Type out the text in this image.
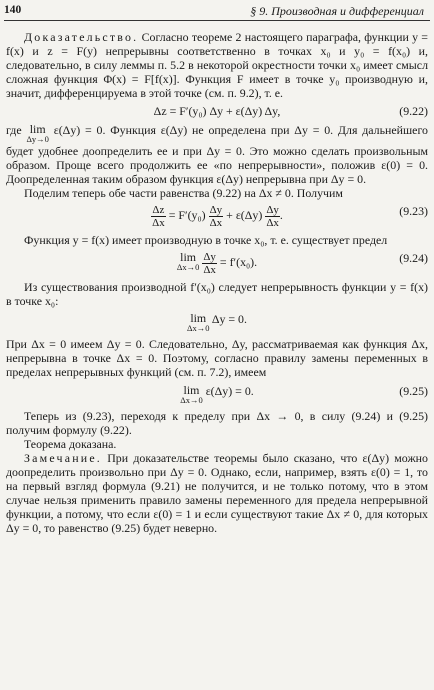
140	§ 9. Производная и дифференциал

Доказательство. Согласно теореме 2 настоящего параграфа, функции y = f(x) и z = F(y) непрерывны соответственно в точках x₀ и y₀ = f(x₀) и, следовательно, в силу леммы п. 5.2 в некоторой окрестности точки x₀ имеет смысл сложная функция Φ(x) = F[f(x)]. Функция F имеет в точке y₀ производную и, значит, дифференцируема в этой точке (см. п. 9.2), т. е.

Δz = F′(y₀) Δy + ε(Δy) Δy,	(9.22)

где lim
Δy→0
ε(Δy) = 0. Функция ε(Δy) не определена при Δy = 0. Для дальнейшего будет удобнее доопределить ее и при Δy = 0. Это можно сделать произвольным образом. Проще всего продолжить ее «по непрерывности», положив ε(0) = 0. Доопределенная таким образом функция ε(Δy) непрерывна при Δy = 0.

Поделим теперь обе части равенства (9.22) на Δx ≠ 0. Получим

$\frac{\Delta z}{\Delta x} = F'(y_0) \frac{\Delta y}{\Delta x} + \varepsilon(\Delta y) \frac{\Delta y}{\Delta x}$ .	(9.23)

Функция y = f(x) имеет производную в точке x₀, т. е. существует предел

lim
Δx→0
$\frac{\Delta y}{\Delta x} = f'(x_0)$.	(9.24)

Из существования производной f′(x₀) следует непрерывность функции y = f(x) в точке x₀:

lim
Δx→0
Δy = 0.

При Δx = 0 имеем Δy = 0. Следовательно, Δy, рассматриваемая как функция Δx, непрерывна в точке Δx = 0. Поэтому, согласно правилу замены переменных в пределах непрерывных функций (см. п. 7.2), имеем

lim
Δx→0
ε(Δy) = 0.	(9.25)

Теперь из (9.23), переходя к пределу при Δx → 0, в силу (9.24) и (9.25) получим формулу (9.22).

Теорема доказана.

Замечание. При доказательстве теоремы было сказано, что ε(Δy) можно доопределить произвольно при Δy = 0. Однако, если, например, взять ε(0) = 1, то на первый взгляд формула (9.21) не получится, и не только потому, что в этом случае нельзя применить правило замены переменного для предела непрерывной функции, а потому, что если ε(0) = 1 и если существуют такие Δx ≠ 0, для которых Δy = 0, то равенство (9.25) будет неверно.
